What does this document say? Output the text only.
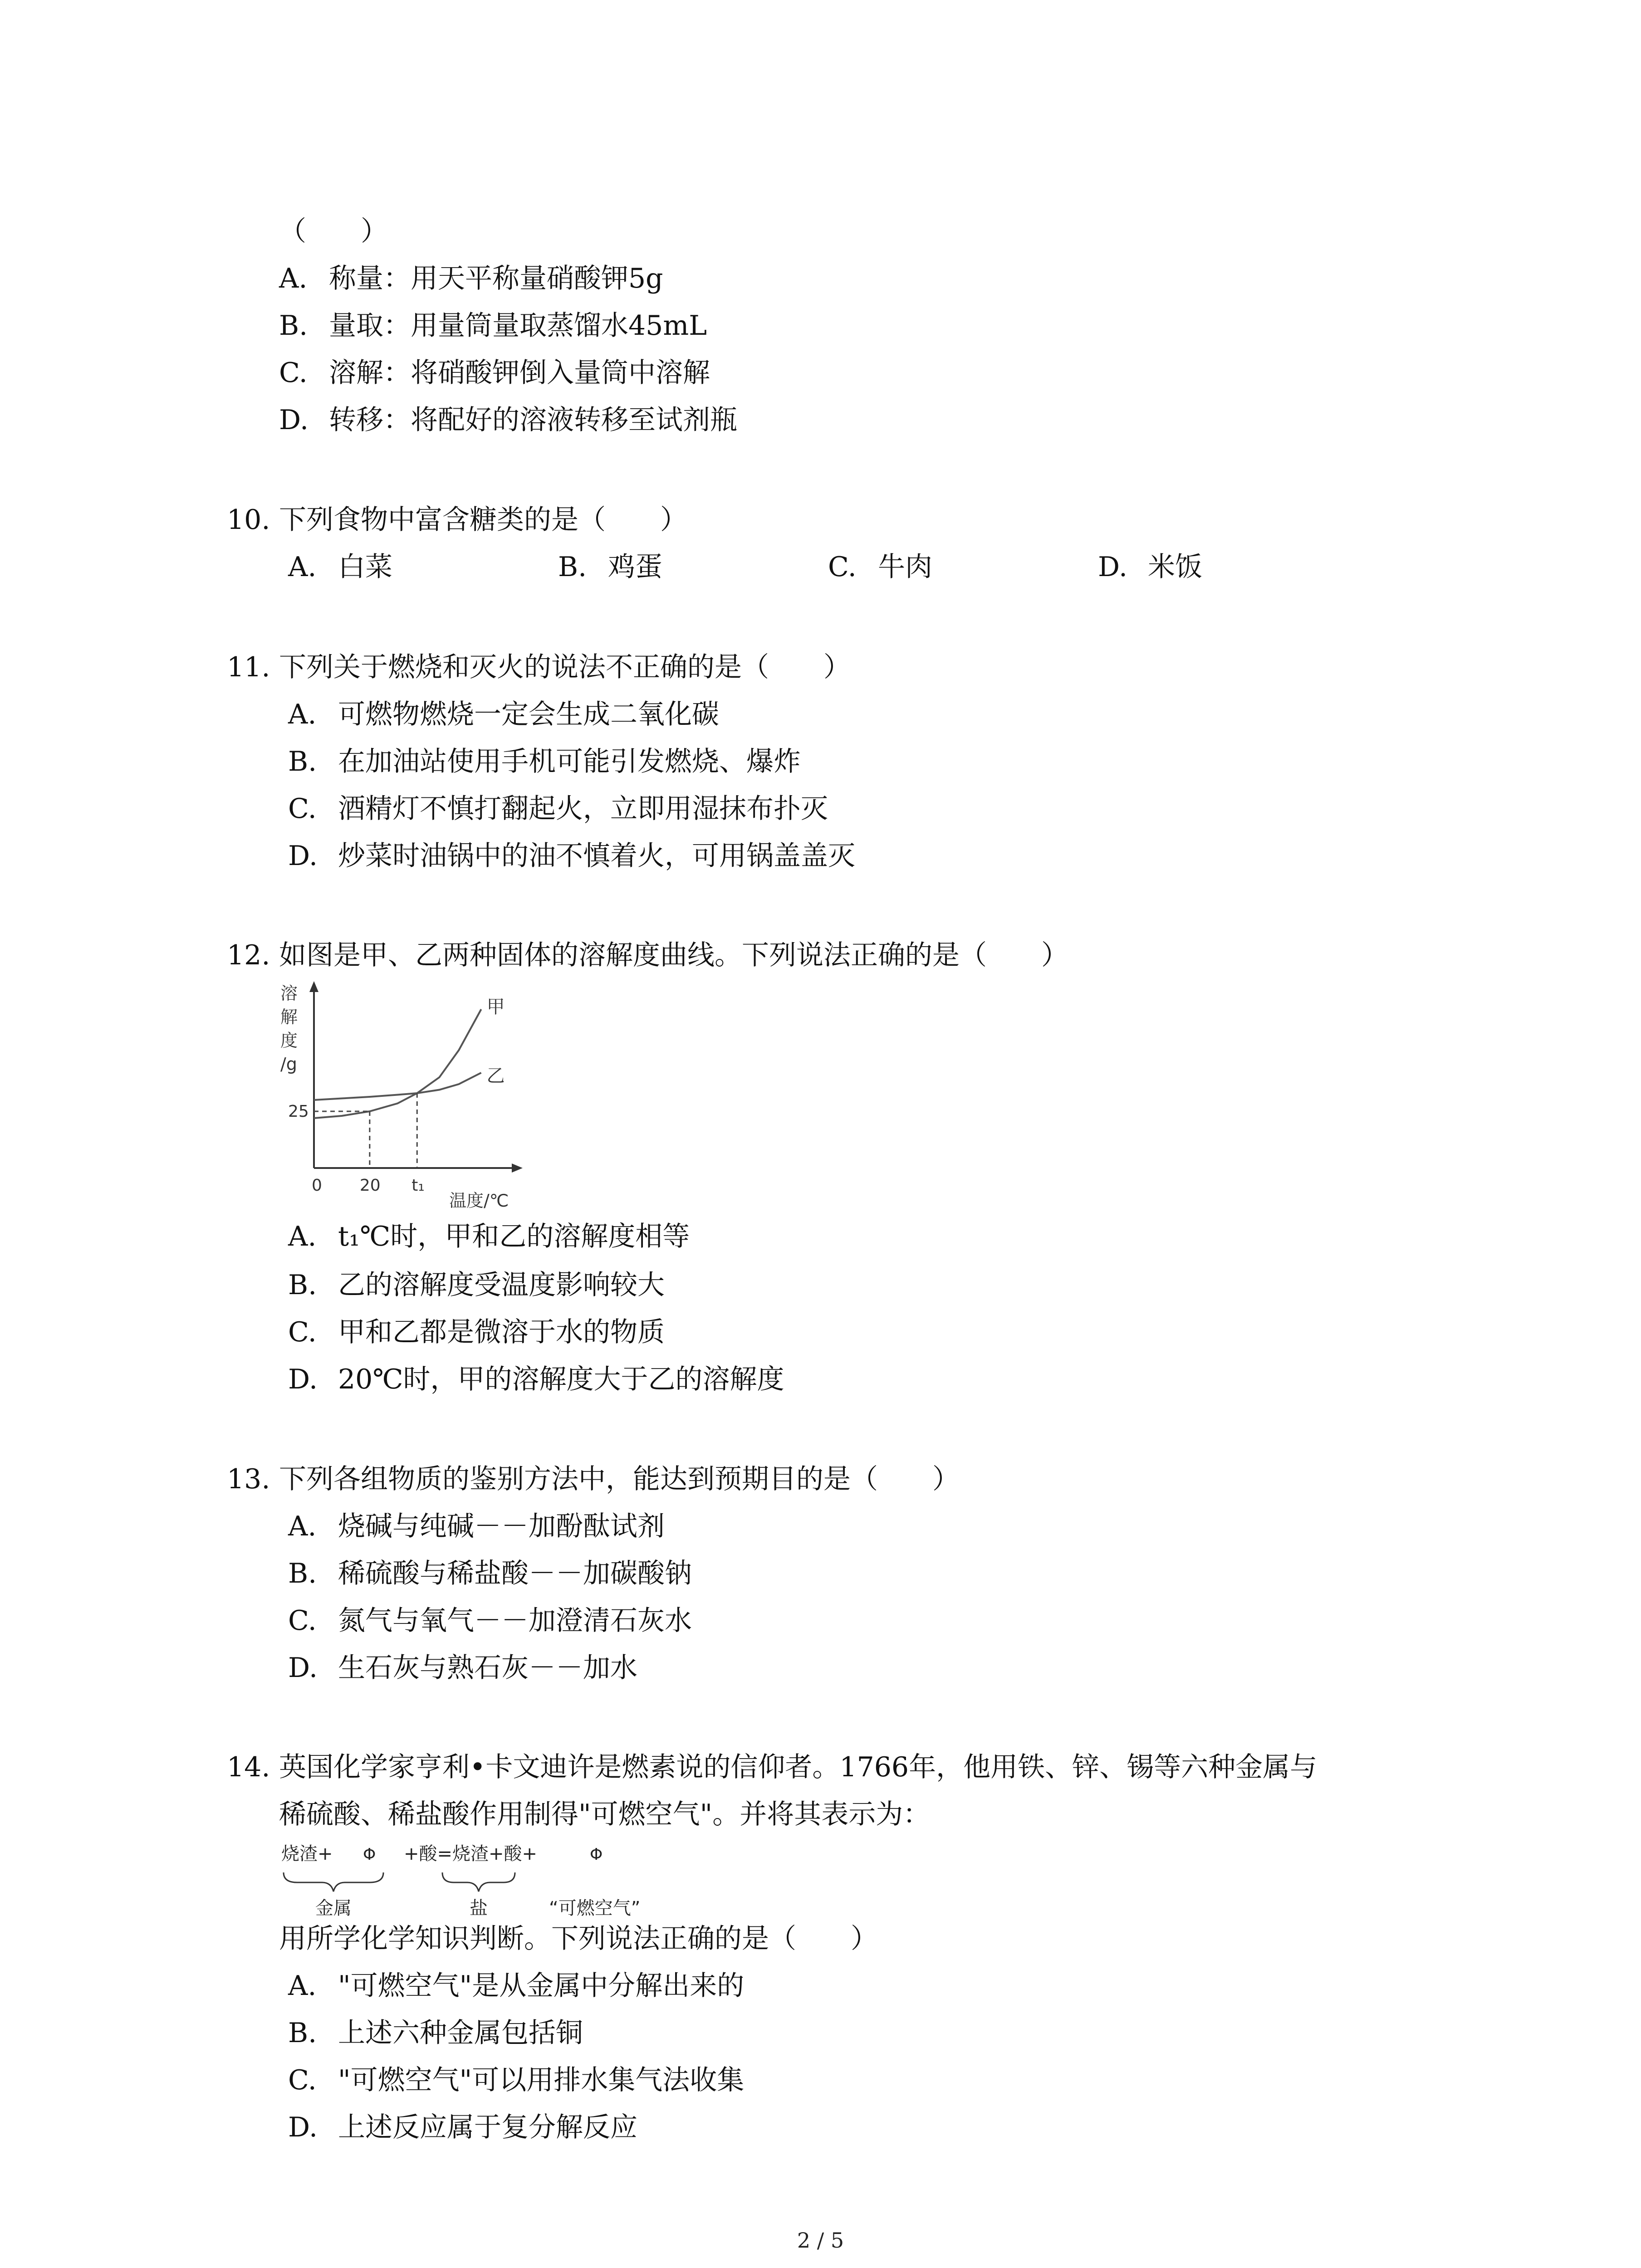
（　　）
A. 称量：用天平称量硝酸钾5g
B. 量取：用量筒量取蒸馏水45mL
C. 溶解：将硝酸钾倒入量筒中溶解
D. 转移：将配好的溶液转移至试剂瓶
10. 下列食物中富含糖类的是（　　）
A. 白菜	B. 鸡蛋	C. 牛肉	D. 米饭
11. 下列关于燃烧和灭火的说法不正确的是（　　）
A. 可燃物燃烧一定会生成二氧化碳
B. 在加油站使用手机可能引发燃烧、爆炸
C. 酒精灯不慎打翻起火，立即用湿抹布扑灭
D. 炒菜时油锅中的油不慎着火，可用锅盖盖灭
12. 如图是甲、乙两种固体的溶解度曲线。下列说法正确的是（　　）
溶
解
度
/g
甲
乙
0 20 t₁
25
温度/℃
A. t₁℃时，甲和乙的溶解度相等
B. 乙的溶解度受温度影响较大
C. 甲和乙都是微溶于水的物质
D. 20℃时，甲的溶解度大于乙的溶解度
13. 下列各组物质的鉴别方法中，能达到预期目的是（　　）
A. 烧碱与纯碱－－加酚酞试剂
B. 稀硫酸与稀盐酸－－加碳酸钠
C. 氮气与氧气－－加澄清石灰水
D. 生石灰与熟石灰－－加水
14. 英国化学家亨利•卡文迪许是燃素说的信仰者。1766年，他用铁、锌、锡等六种金属与
稀硫酸、稀盐酸作用制得"可燃空气"。并将其表示为：
烧渣+ Φ +酸=烧渣+酸+	Φ
金属	盐	“可燃空气”
用所学化学知识判断。下列说法正确的是（　　）
A. "可燃空气"是从金属中分解出来的
B. 上述六种金属包括铜
C. "可燃空气"可以用排水集气法收集
D. 上述反应属于复分解反应
2 / 5
